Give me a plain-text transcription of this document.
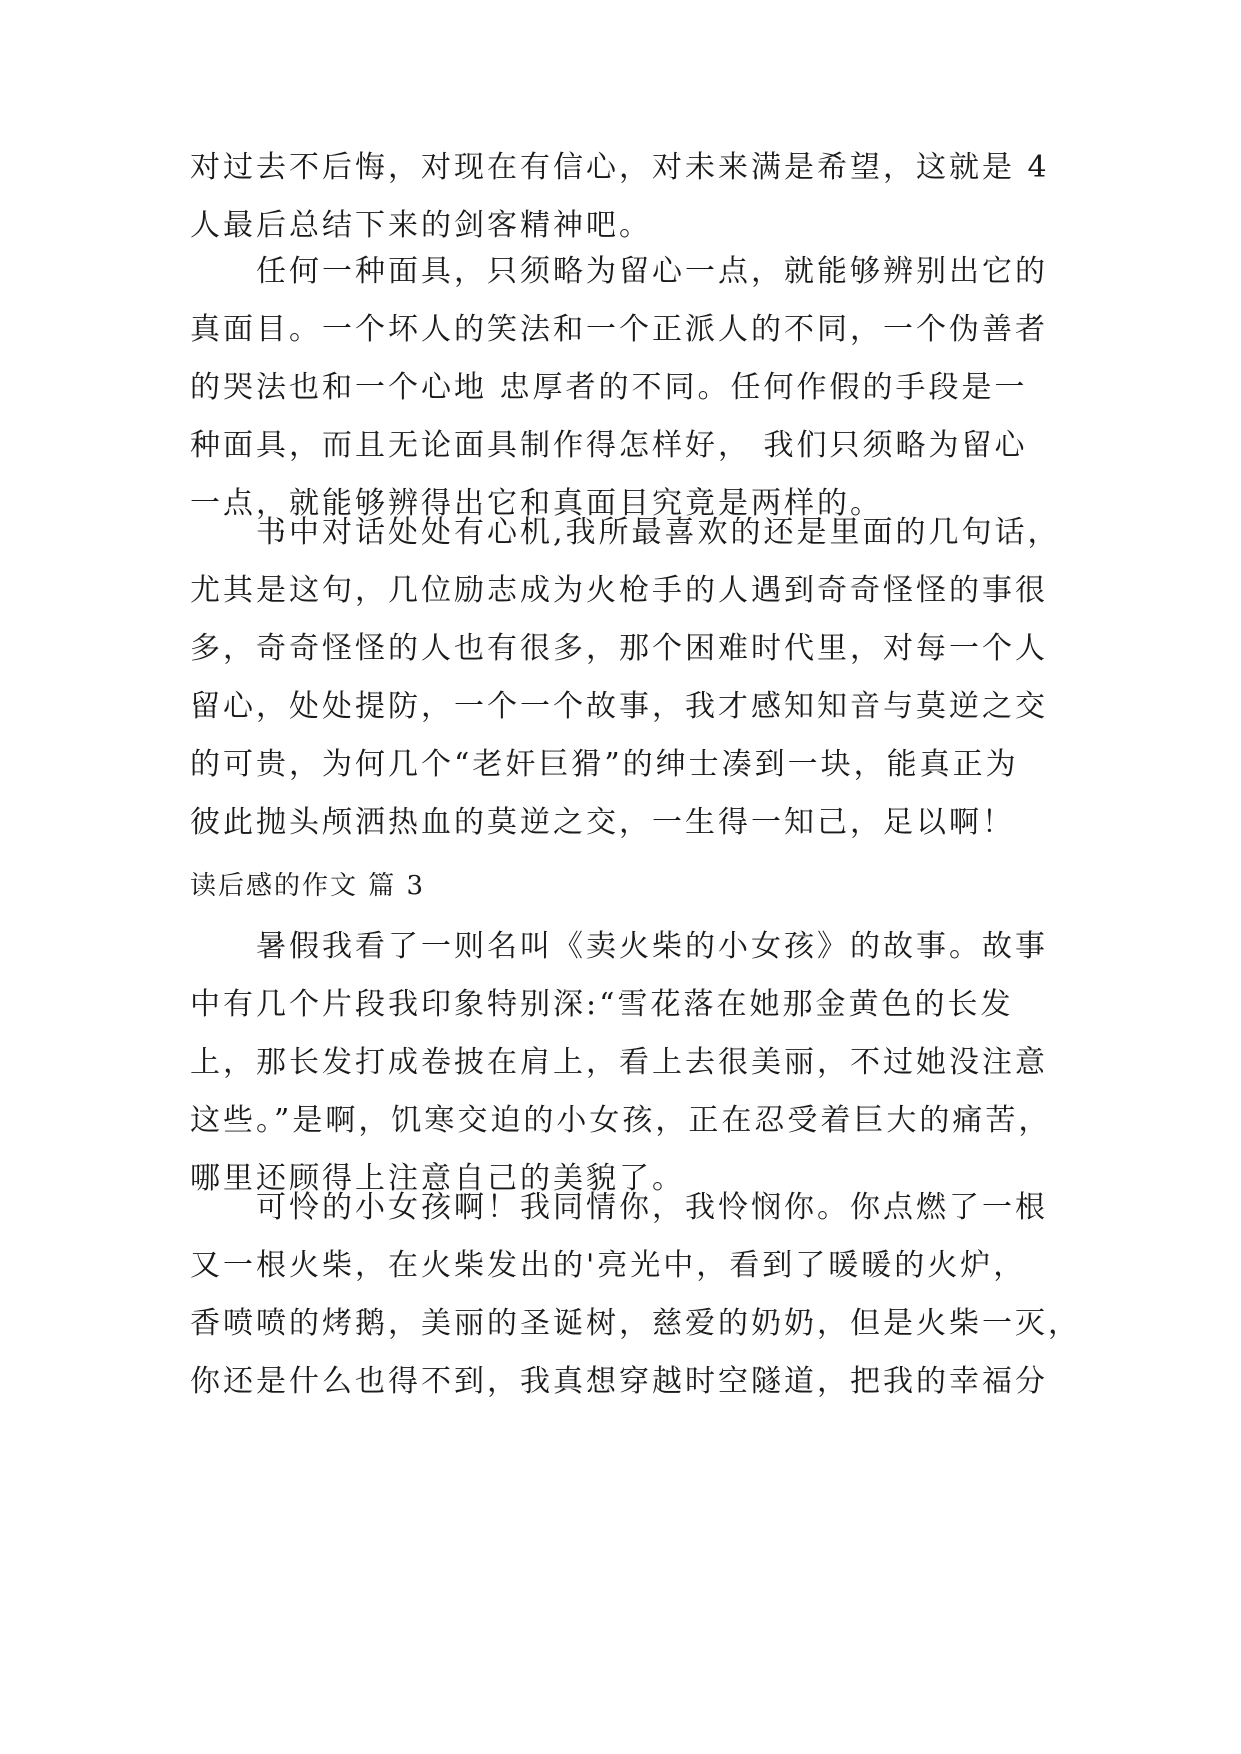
对过去不后悔，对现在有信心，对未来满是希望，这就是 4
人最后总结下来的剑客精神吧。
任何一种面具，只须略为留心一点，就能够辨别出它的
真面目。一个坏人的笑法和一个正派人的不同，一个伪善者
的哭法也和一个心地 忠厚者的不同。任何作假的手段是一
种面具，而且无论面具制作得怎样好， 我们只须略为留心
一点，就能够辨得出它和真面目究竟是两样的。
书中对话处处有心机,我所最喜欢的还是里面的几句话，
尤其是这句，几位励志成为火枪手的人遇到奇奇怪怪的事很
多，奇奇怪怪的人也有很多，那个困难时代里，对每一个人
留心，处处提防，一个一个故事，我才感知知音与莫逆之交
的可贵，为何几个“老奸巨猾”的绅士凑到一块，能真正为
彼此抛头颅洒热血的莫逆之交，一生得一知己，足以啊！
读后感的作文 篇 3
暑假我看了一则名叫《卖火柴的小女孩》的故事。故事
中有几个片段我印象特别深:“雪花落在她那金黄色的长发
上，那长发打成卷披在肩上，看上去很美丽，不过她没注意
这些。”是啊，饥寒交迫的小女孩，正在忍受着巨大的痛苦，
哪里还顾得上注意自己的美貌了。
可怜的小女孩啊！我同情你，我怜悯你。你点燃了一根
又一根火柴，在火柴发出的'亮光中，看到了暖暖的火炉，
香喷喷的烤鹅，美丽的圣诞树，慈爱的奶奶，但是火柴一灭，
你还是什么也得不到，我真想穿越时空隧道，把我的幸福分
